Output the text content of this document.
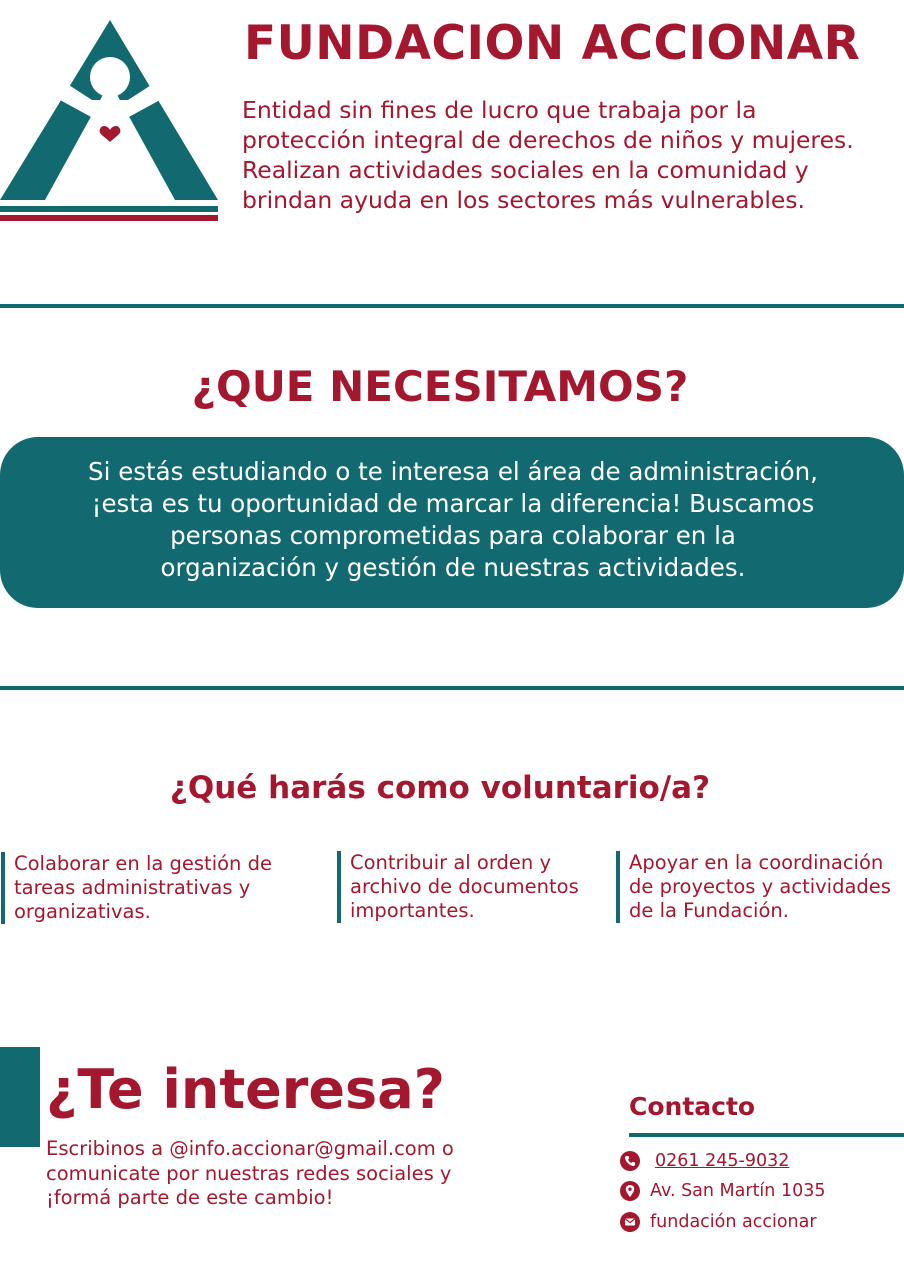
FUNDACION ACCIONAR

Entidad sin fines de lucro que trabaja por la
protección integral de derechos de niños y mujeres.
Realizan actividades sociales en la comunidad y
brindan ayuda en los sectores más vulnerables.

¿QUE NECESITAMOS?

Si estás estudiando o te interesa el área de administración,
¡esta es tu oportunidad de marcar la diferencia! Buscamos
personas comprometidas para colaborar en la
organización y gestión de nuestras actividades.

¿Qué harás como voluntario/a?

Colaborar en la gestión de
tareas administrativas y
organizativas.

Contribuir al orden y
archivo de documentos
importantes.

Apoyar en la coordinación
de proyectos y actividades
de la Fundación.

¿Te interesa?

Escribinos a @info.accionar@gmail.com o
comunicate por nuestras redes sociales y
¡formá parte de este cambio!

Contacto
0261 245-9032
Av. San Martín 1035
fundación accionar
